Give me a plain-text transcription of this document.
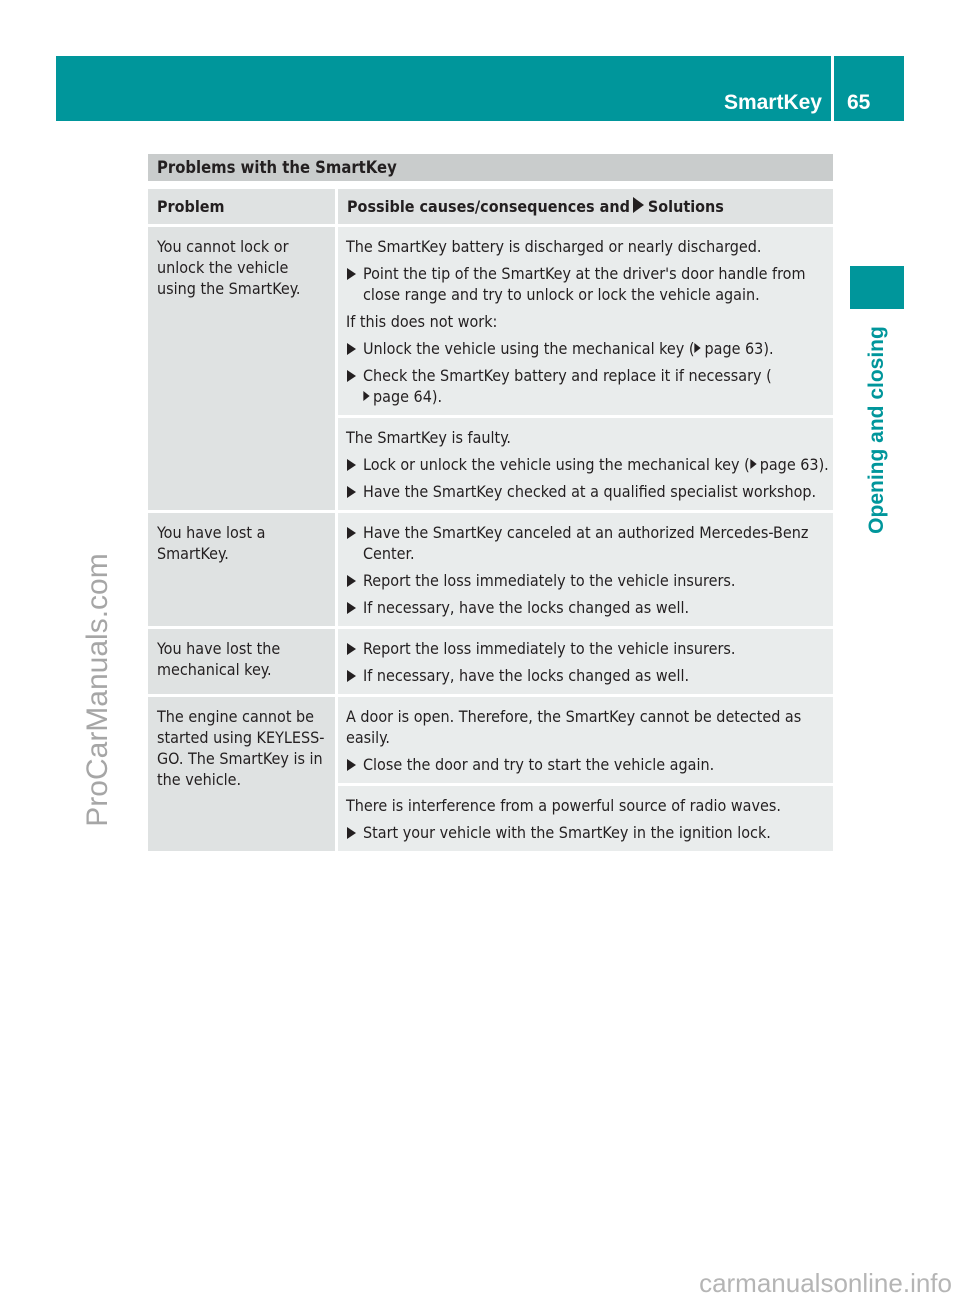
SmartKey 65
Opening and closing
ProCarManuals.com
carmanualsonline.info
Problems with the SmartKey
Problem	Possible causes/consequences and Solutions
You cannot lock or unlock the vehicle using the SmartKey.
The SmartKey battery is discharged or nearly discharged.
Point the tip of the SmartKey at the driver's door handle from close range and try to unlock or lock the vehicle again.
If this does not work:
Unlock the vehicle using the mechanical key ( page 63).
Check the SmartKey battery and replace it if necessary (page 64).
The SmartKey is faulty.
Lock or unlock the vehicle using the mechanical key ( page 63).
Have the SmartKey checked at a qualified specialist workshop.
You have lost a SmartKey.
Have the SmartKey canceled at an authorized Mercedes-Benz Center.
Report the loss immediately to the vehicle insurers.
If necessary, have the locks changed as well.
You have lost the mechanical key.
Report the loss immediately to the vehicle insurers.
If necessary, have the locks changed as well.
The engine cannot be started using KEYLESS-GO. The SmartKey is in the vehicle.
A door is open. Therefore, the SmartKey cannot be detected as easily.
Close the door and try to start the vehicle again.
There is interference from a powerful source of radio waves.
Start your vehicle with the SmartKey in the ignition lock.
